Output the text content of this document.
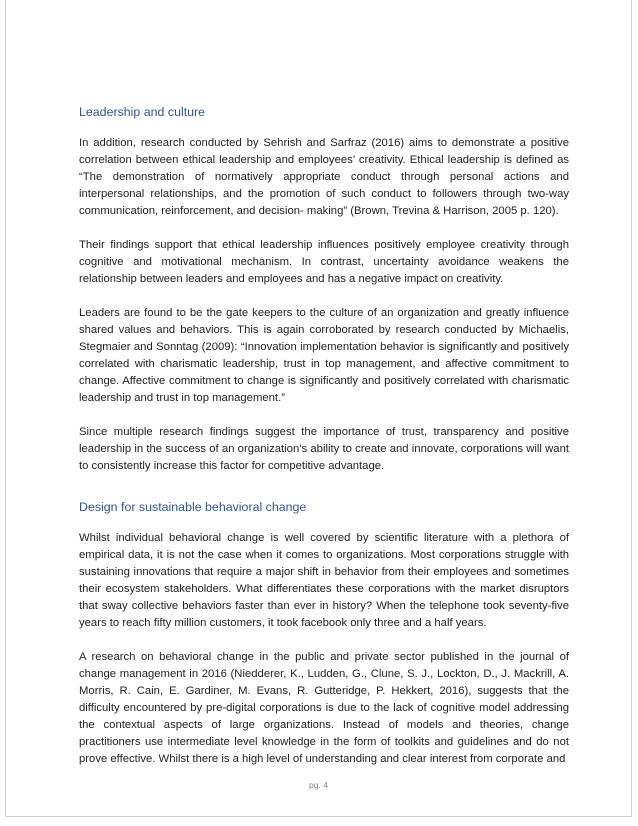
Leadership and culture

In addition, research conducted by Sehrish and Sarfraz (2016) aims to demonstrate a positive correlation between ethical leadership and employees’ creativity. Ethical leadership is defined as “The demonstration of normatively appropriate conduct through personal actions and interpersonal relationships, and the promotion of such conduct to followers through two-way communication, reinforcement, and decision- making” (Brown, Trevina & Harrison, 2005 p. 120).

Their findings support that ethical leadership influences positively employee creativity through cognitive and motivational mechanism. In contrast, uncertainty avoidance weakens the relationship between leaders and employees and has a negative impact on creativity.

Leaders are found to be the gate keepers to the culture of an organization and greatly influence shared values and behaviors. This is again corroborated by research conducted by Michaelis, Stegmaier and Sonntag (2009): “Innovation implementation behavior is significantly and positively correlated with charismatic leadership, trust in top management, and affective commitment to change. Affective commitment to change is significantly and positively correlated with charismatic leadership and trust in top management.”

Since multiple research findings suggest the importance of trust, transparency and positive leadership in the success of an organization’s ability to create and innovate, corporations will want to consistently increase this factor for competitive advantage.

Design for sustainable behavioral change

Whilst individual behavioral change is well covered by scientific literature with a plethora of empirical data, it is not the case when it comes to organizations. Most corporations struggle with sustaining innovations that require a major shift in behavior from their employees and sometimes their ecosystem stakeholders. What differentiates these corporations with the market disruptors that sway collective behaviors faster than ever in history? When the telephone took seventy-five years to reach fifty million customers, it took facebook only three and a half years.

A research on behavioral change in the public and private sector published in the journal of change management in 2016 (Niedderer, K., Ludden, G., Clune, S. J., Lockton, D., J. Mackrill, A. Morris, R. Cain, E. Gardiner, M. Evans, R. Gutteridge, P. Hekkert, 2016), suggests that the difficulty encountered by pre-digital corporations is due to the lack of cognitive model addressing the contextual aspects of large organizations. Instead of models and theories, change practitioners use intermediate level knowledge in the form of toolkits and guidelines and do not prove effective. Whilst there is a high level of understanding and clear interest from corporate and

pg. 4
